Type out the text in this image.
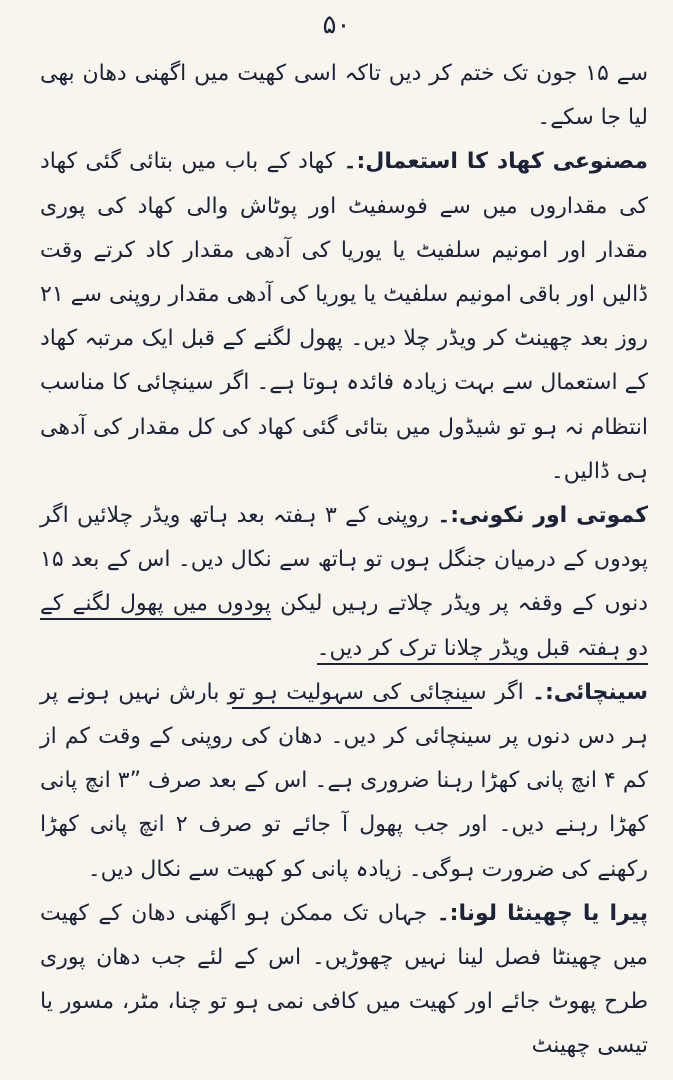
۵۰

سے ۱۵ جون تک ختم کر دیں تاکہ اسی کھیت میں اگھنی دھان بھی لیا جا سکے۔

مصنوعی کھاد کا استعمال:۔ کھاد کے باب میں بتائی گئی کھاد کی مقداروں میں سے فوسفیٹ اور پوٹاش والی کھاد کی پوری مقدار اور امونیم سلفیٹ یا یوریا کی آدھی مقدار کاد کرتے وقت ڈالیں اور باقی امونیم سلفیٹ یا یوریا کی آدھی مقدار روپنی سے ۲۱ روز بعد چھینٹ کر ویڈر چلا دیں۔ پھول لگنے کے قبل ایک مرتبہ کھاد کے استعمال سے بہت زیادہ فائدہ ہوتا ہے۔ اگر سینچائی کا مناسب انتظام نہ ہو تو شیڈول میں بتائی گئی کھاد کی کل مقدار کی آدھی ہی ڈالیں۔

کموتی اور نکونی:۔ روپنی کے ۳ ہفتہ بعد ہاتھ ویڈر چلائیں اگر پودوں کے درمیان جنگل ہوں تو ہاتھ سے نکال دیں۔ اس کے بعد ۱۵ دنوں کے وقفہ پر ویڈر چلاتے رہیں لیکن پودوں میں پھول لگنے کے دو ہفتہ قبل ویڈر چلانا ترک کر دیں۔

سینچائی:۔ اگر سینچائی کی سہولیت ہو تو بارش نہیں ہونے پر ہر دس دنوں پر سینچائی کر دیں۔ دھان کی روپنی کے وقت کم از کم ۴ انچ پانی کھڑا رہنا ضروری ہے۔ اس کے بعد صرف ”۳ انچ پانی کھڑا رہنے دیں۔ اور جب پھول آ جائے تو صرف ۲ انچ پانی کھڑا رکھنے کی ضرورت ہوگی۔ زیادہ پانی کو کھیت سے نکال دیں۔

پیرا یا چھینٹا لونا:۔ جہاں تک ممکن ہو اگھنی دھان کے کھیت میں چھینٹا فصل لینا نہیں چھوڑیں۔ اس کے لئے جب دھان پوری طرح پھوٹ جائے اور کھیت میں کافی نمی ہو تو چنا، مٹر، مسور یا تیسی چھینٹ
